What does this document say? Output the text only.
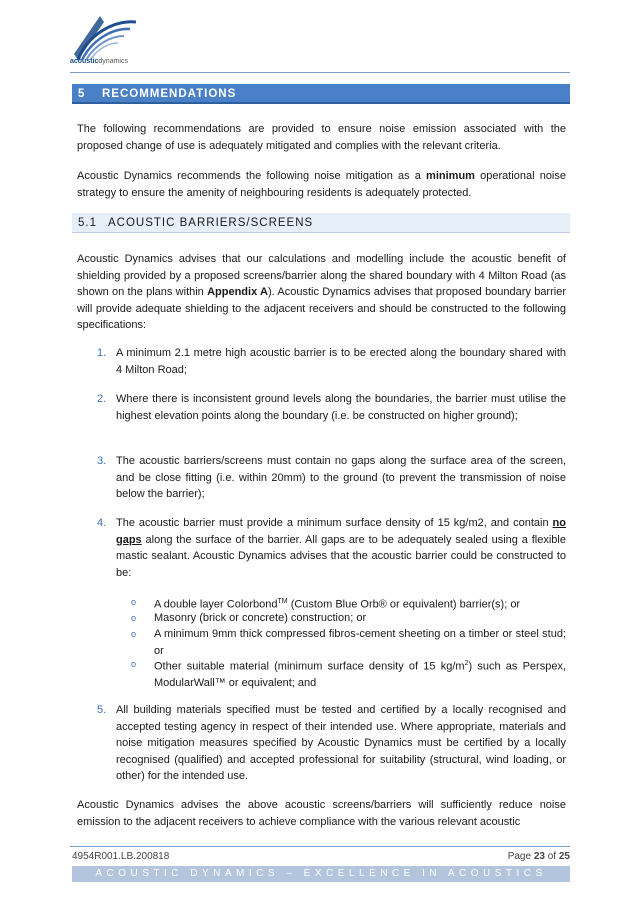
acousticdynamics
5 RECOMMENDATIONS

The following recommendations are provided to ensure noise emission associated with the proposed change of use is adequately mitigated and complies with the relevant criteria.

Acoustic Dynamics recommends the following noise mitigation as a minimum operational noise strategy to ensure the amenity of neighbouring residents is adequately protected.

5.1 ACOUSTIC BARRIERS/SCREENS

Acoustic Dynamics advises that our calculations and modelling include the acoustic benefit of shielding provided by a proposed screens/barrier along the shared boundary with 4 Milton Road (as shown on the plans within Appendix A). Acoustic Dynamics advises that proposed boundary barrier will provide adequate shielding to the adjacent receivers and should be constructed to the following specifications:

1. A minimum 2.1 metre high acoustic barrier is to be erected along the boundary shared with 4 Milton Road;
2. Where there is inconsistent ground levels along the boundaries, the barrier must utilise the highest elevation points along the boundary (i.e. be constructed on higher ground);
3. The acoustic barriers/screens must contain no gaps along the surface area of the screen, and be close fitting (i.e. within 20mm) to the ground (to prevent the transmission of noise below the barrier);
4. The acoustic barrier must provide a minimum surface density of 15 kg/m2, and contain no gaps along the surface of the barrier. All gaps are to be adequately sealed using a flexible mastic sealant. Acoustic Dynamics advises that the acoustic barrier could be constructed to be:
o A double layer Colorbond™ (Custom Blue Orb® or equivalent) barrier(s); or
o Masonry (brick or concrete) construction; or
o A minimum 9mm thick compressed fibros-cement sheeting on a timber or steel stud; or
o Other suitable material (minimum surface density of 15 $kg/m^2$) such as Perspex, ModularWall™ or equivalent; and
5. All building materials specified must be tested and certified by a locally recognised and accepted testing agency in respect of their intended use. Where appropriate, materials and noise mitigation measures specified by Acoustic Dynamics must be certified by a locally recognised (qualified) and accepted professional for suitability (structural, wind loading, or other) for the intended use.

Acoustic Dynamics advises the above acoustic screens/barriers will sufficiently reduce noise emission to the adjacent receivers to achieve compliance with the various relevant acoustic

4954R001.LB.200818	Page 23 of 25
ACOUSTIC DYNAMICS – EXCELLENCE IN ACOUSTICS
